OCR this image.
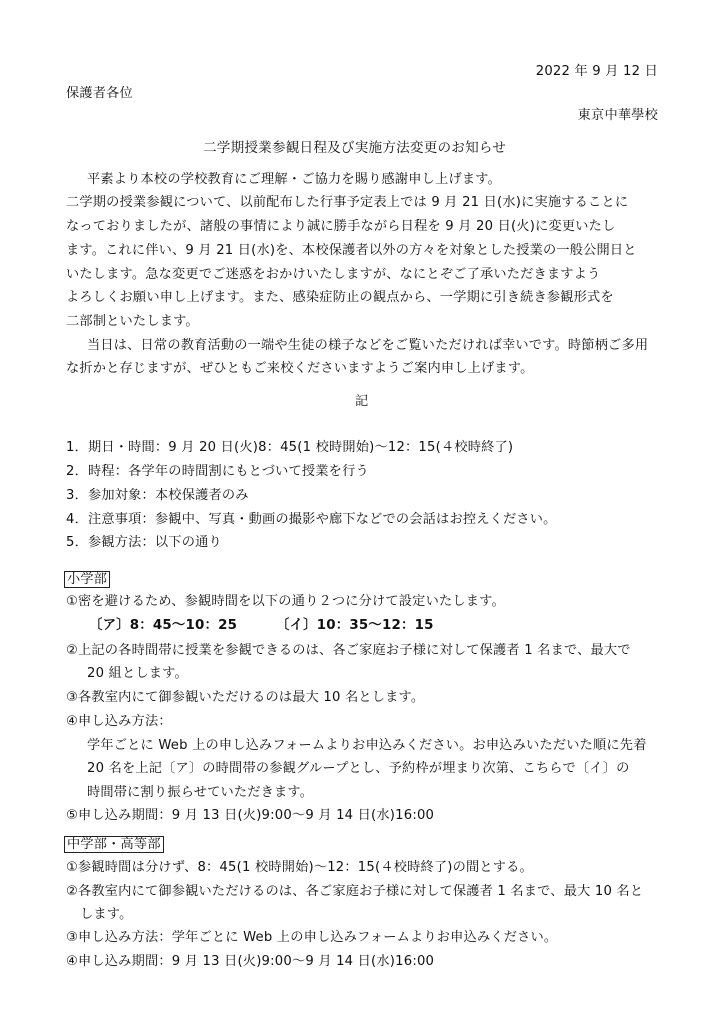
2022 年 9 月 12 日
保護者各位
東京中華學校
二学期授業参観日程及び実施方法変更のお知らせ
平素より本校の学校教育にご理解・ご協力を賜り感謝申し上げます。
二学期の授業参観について、以前配布した行事予定表上では 9 月 21 日(水)に実施することに
なっておりましたが、諸般の事情により誠に勝手ながら日程を 9 月 20 日(火)に変更いたし
ます。これに伴い、9 月 21 日(水)を、本校保護者以外の方々を対象とした授業の一般公開日と
いたします。急な変更でご迷惑をおかけいたしますが、なにとぞご了承いただきますよう
よろしくお願い申し上げます。また、感染症防止の観点から、一学期に引き続き参観形式を
二部制といたします。
当日は、日常の教育活動の一端や生徒の様子などをご覧いただければ幸いです。時節柄ご多用
な折かと存じますが、ぜひともご来校くださいますようご案内申し上げます。
記
1．期日・時間：9 月 20 日(火)8：45(1 校時開始)～12：15(４校時終了)
2．時程：各学年の時間割にもとづいて授業を行う
3．参加対象：本校保護者のみ
4．注意事項：参観中、写真・動画の撮影や廊下などでの会話はお控えください。
5．参観方法：以下の通り
小学部
①密を避けるため、参観時間を以下の通り２つに分けて設定いたします。
〔ア〕8：45～10：25	〔イ〕10：35～12：15
②上記の各時間帯に授業を参観できるのは、各ご家庭お子様に対して保護者 1 名まで、最大で
20 組とします。
③各教室内にて御参観いただけるのは最大 10 名とします。
④申し込み方法：
学年ごとに Web 上の申し込みフォームよりお申込みください。お申込みいただいた順に先着
20 名を上記〔ア〕の時間帯の参観グループとし、予約枠が埋まり次第、こちらで〔イ〕の
時間帯に割り振らせていただきます。
⑤申し込み期間：9 月 13 日(火)9:00～9 月 14 日(水)16:00
中学部・高等部
①参観時間は分けず、8：45(1 校時開始)～12：15(４校時終了)の間とする。
②各教室内にて御参観いただけるのは、各ご家庭お子様に対して保護者 1 名まで、最大 10 名と
します。
③申し込み方法：学年ごとに Web 上の申し込みフォームよりお申込みください。
④申し込み期間：9 月 13 日(火)9:00～9 月 14 日(水)16:00
